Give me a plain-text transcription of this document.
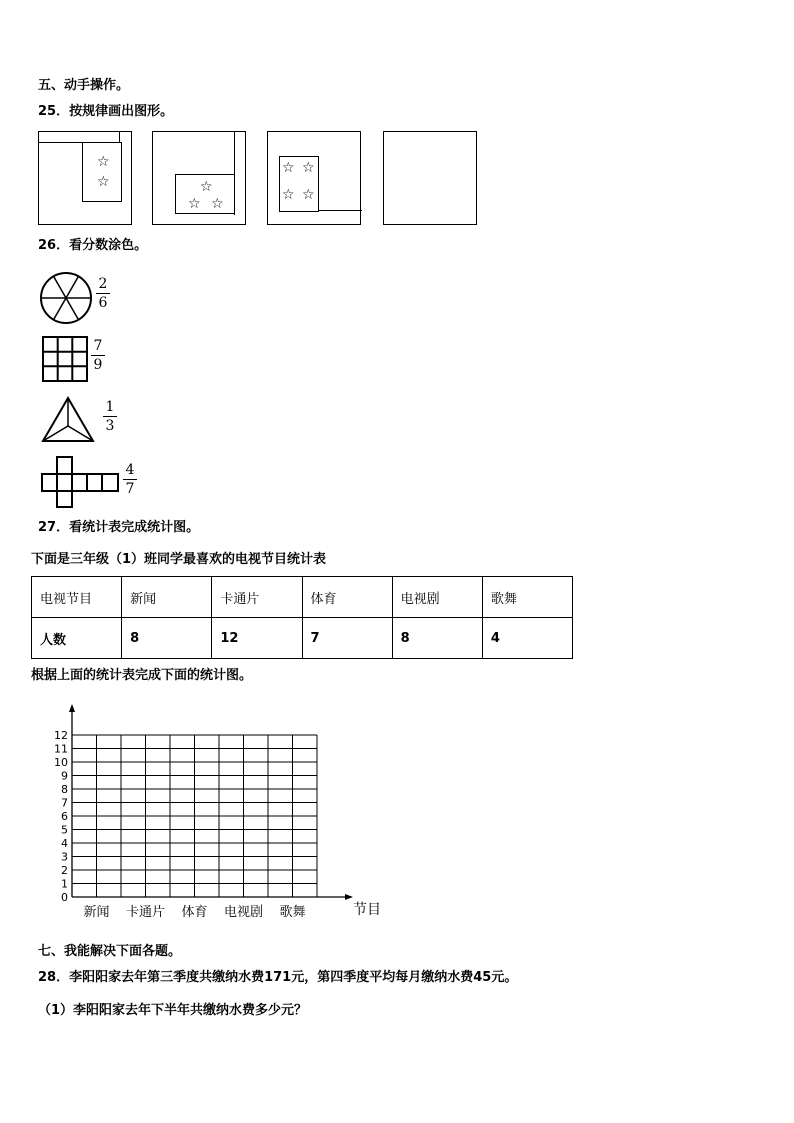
五、动手操作。
25．按规律画出图形。
☆
☆	☆
☆ ☆
☆ ☆
☆ ☆
26．看分数涂色。
2
6
7
9
1
3
4
7
27．看统计表完成统计图。
下面是三年级（1）班同学最喜欢的电视节目统计表
电视节目	新闻	卡通片	体育	电视剧	歌舞
人数	8	12	7	8	4
根据上面的统计表完成下面的统计图。
0
1
2
3
4
5
6
7
8
9
10
11
12
新闻 卡通片 体育 电视剧 歌舞	节目
七、我能解决下面各题。
28．李阳阳家去年第三季度共缴纳水费171元，第四季度平均每月缴纳水费45元。
（1）李阳阳家去年下半年共缴纳水费多少元？
